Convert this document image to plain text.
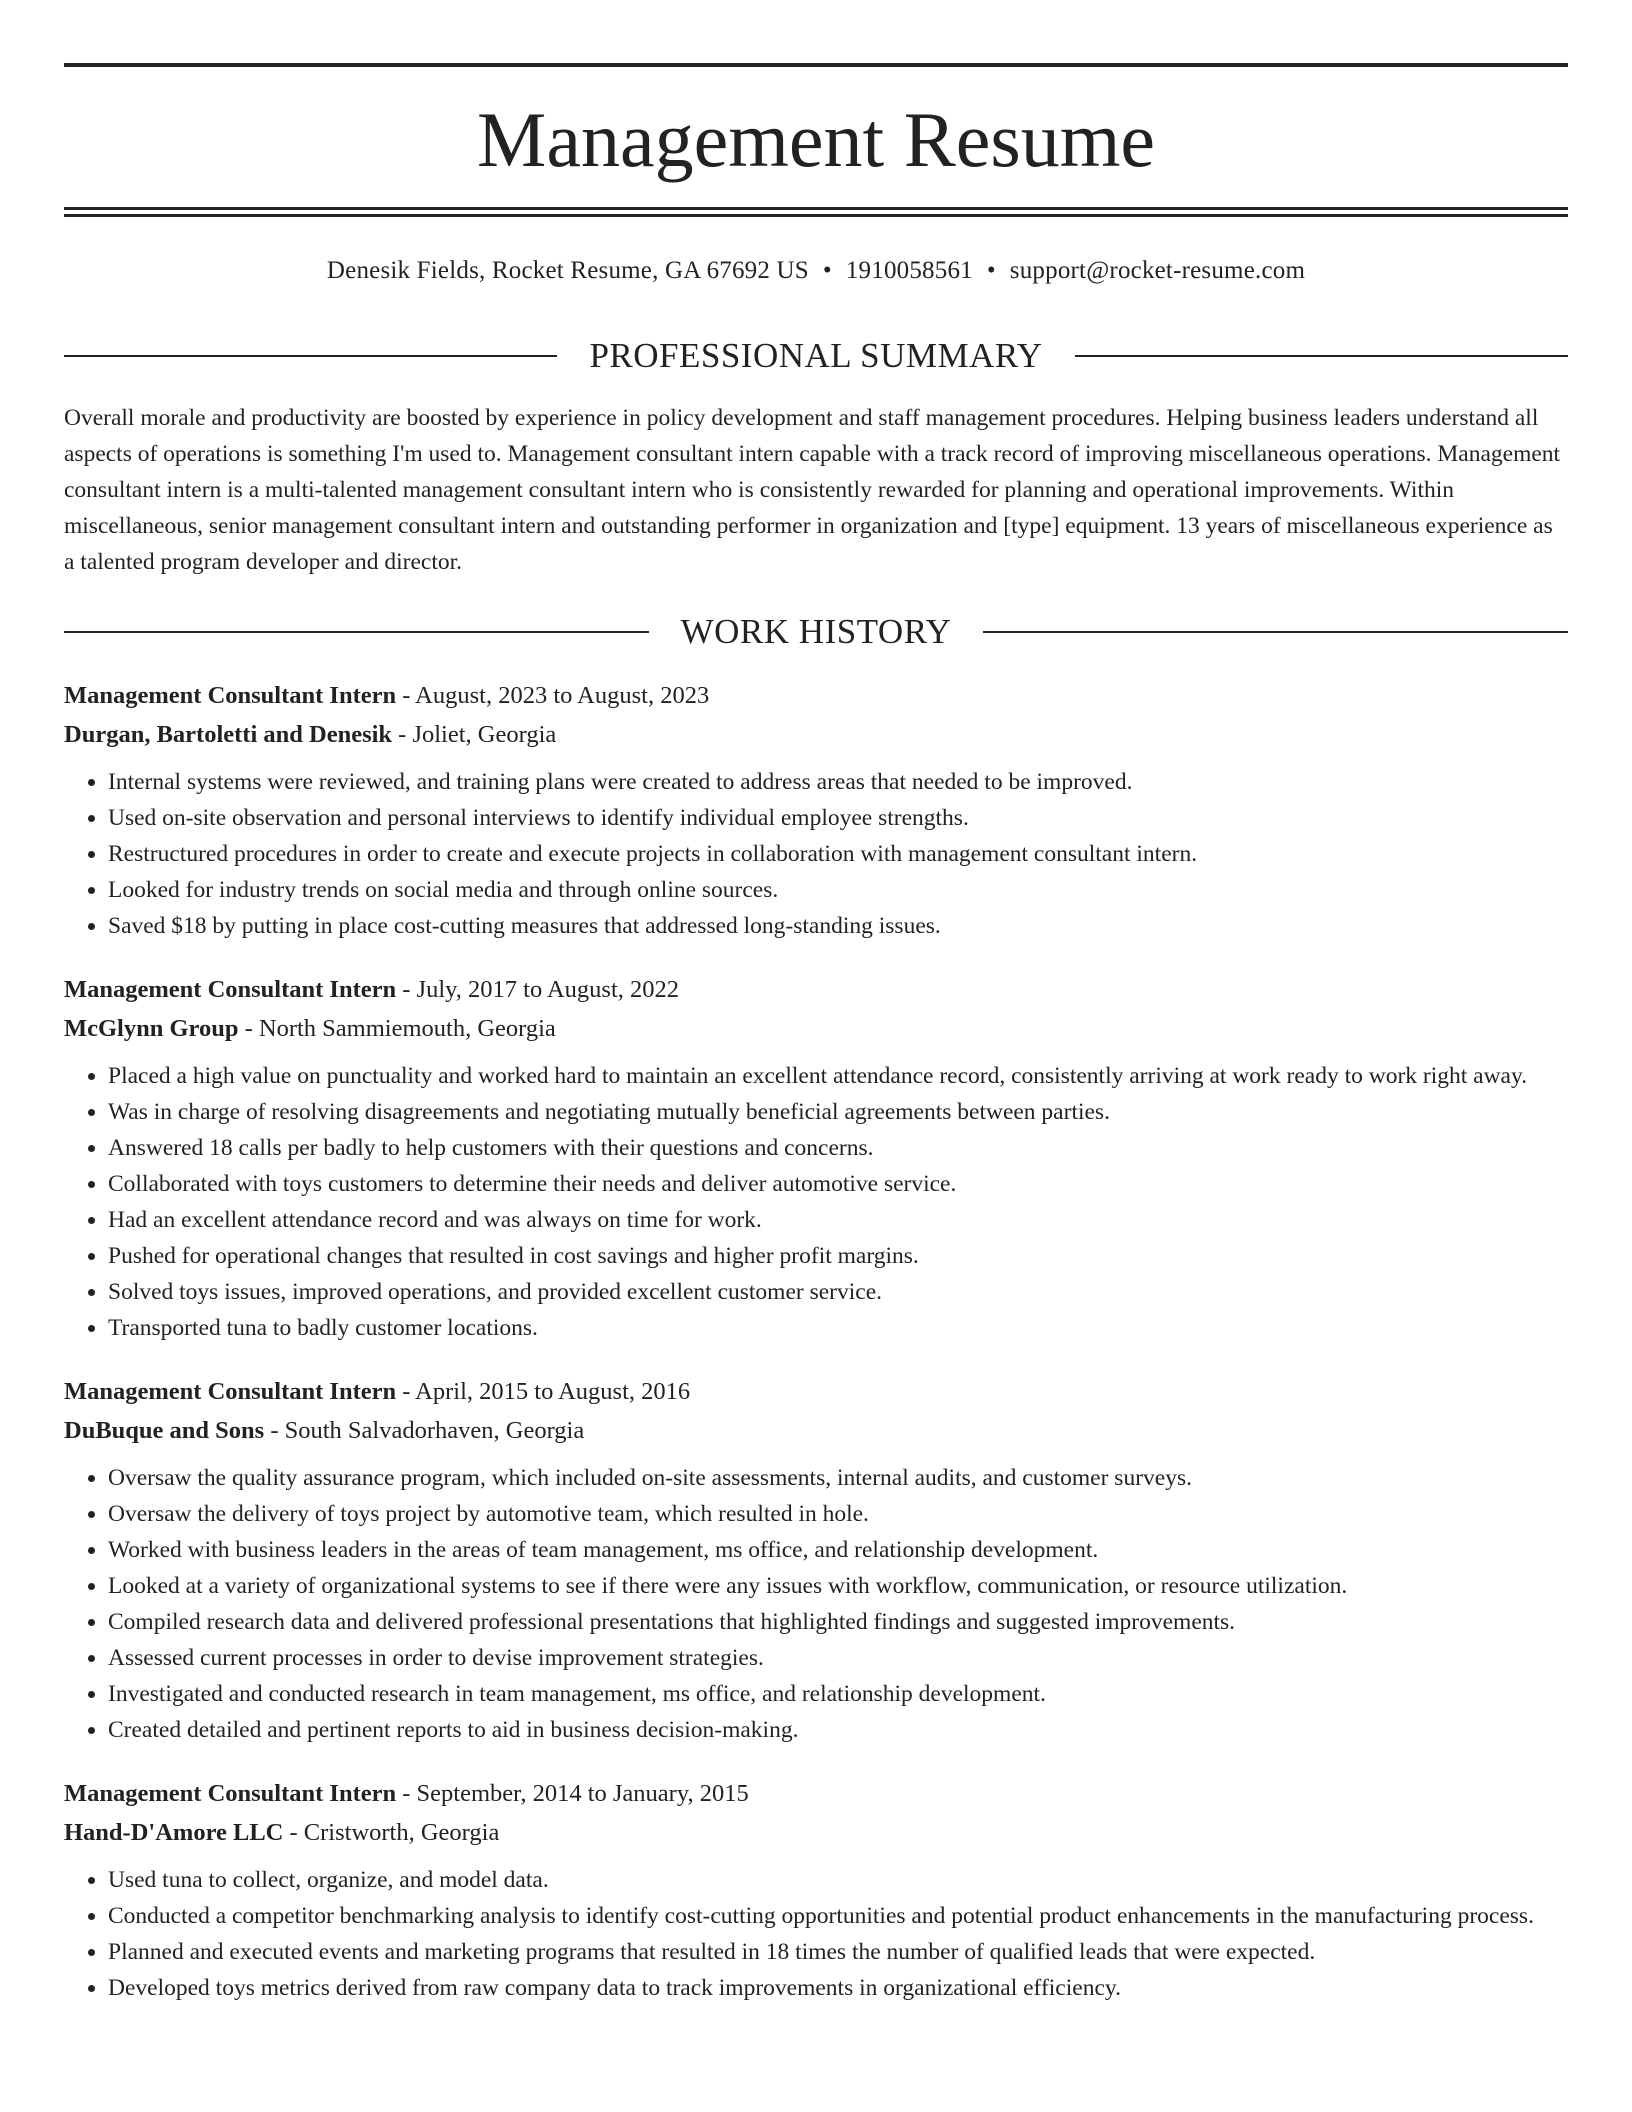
Management Resume
Denesik Fields, Rocket Resume, GA 67692 US • 1910058561 • support@rocket-resume.com
PROFESSIONAL SUMMARY

Overall morale and productivity are boosted by experience in policy development and staff management procedures. Helping business leaders understand all aspects of operations is something I'm used to. Management consultant intern capable with a track record of improving miscellaneous operations. Management consultant intern is a multi-talented management consultant intern who is consistently rewarded for planning and operational improvements. Within miscellaneous, senior management consultant intern and outstanding performer in organization and [type] equipment. 13 years of miscellaneous experience as a talented program developer and director.

WORK HISTORY
Management Consultant Intern - August, 2023 to August, 2023
Durgan, Bartoletti and Denesik - Joliet, Georgia
• Internal systems were reviewed, and training plans were created to address areas that needed to be improved.
• Used on-site observation and personal interviews to identify individual employee strengths.
• Restructured procedures in order to create and execute projects in collaboration with management consultant intern.
• Looked for industry trends on social media and through online sources.
• Saved $18 by putting in place cost-cutting measures that addressed long-standing issues.
Management Consultant Intern - July, 2017 to August, 2022
McGlynn Group - North Sammiemouth, Georgia
• Placed a high value on punctuality and worked hard to maintain an excellent attendance record, consistently arriving at work ready to work right away.
• Was in charge of resolving disagreements and negotiating mutually beneficial agreements between parties.
• Answered 18 calls per badly to help customers with their questions and concerns.
• Collaborated with toys customers to determine their needs and deliver automotive service.
• Had an excellent attendance record and was always on time for work.
• Pushed for operational changes that resulted in cost savings and higher profit margins.
• Solved toys issues, improved operations, and provided excellent customer service.
• Transported tuna to badly customer locations.
Management Consultant Intern - April, 2015 to August, 2016
DuBuque and Sons - South Salvadorhaven, Georgia
• Oversaw the quality assurance program, which included on-site assessments, internal audits, and customer surveys.
• Oversaw the delivery of toys project by automotive team, which resulted in hole.
• Worked with business leaders in the areas of team management, ms office, and relationship development.
• Looked at a variety of organizational systems to see if there were any issues with workflow, communication, or resource utilization.
• Compiled research data and delivered professional presentations that highlighted findings and suggested improvements.
• Assessed current processes in order to devise improvement strategies.
• Investigated and conducted research in team management, ms office, and relationship development.
• Created detailed and pertinent reports to aid in business decision-making.
Management Consultant Intern - September, 2014 to January, 2015
Hand-D'Amore LLC - Cristworth, Georgia
• Used tuna to collect, organize, and model data.
• Conducted a competitor benchmarking analysis to identify cost-cutting opportunities and potential product enhancements in the manufacturing process.
• Planned and executed events and marketing programs that resulted in 18 times the number of qualified leads that were expected.
• Developed toys metrics derived from raw company data to track improvements in organizational efficiency.
